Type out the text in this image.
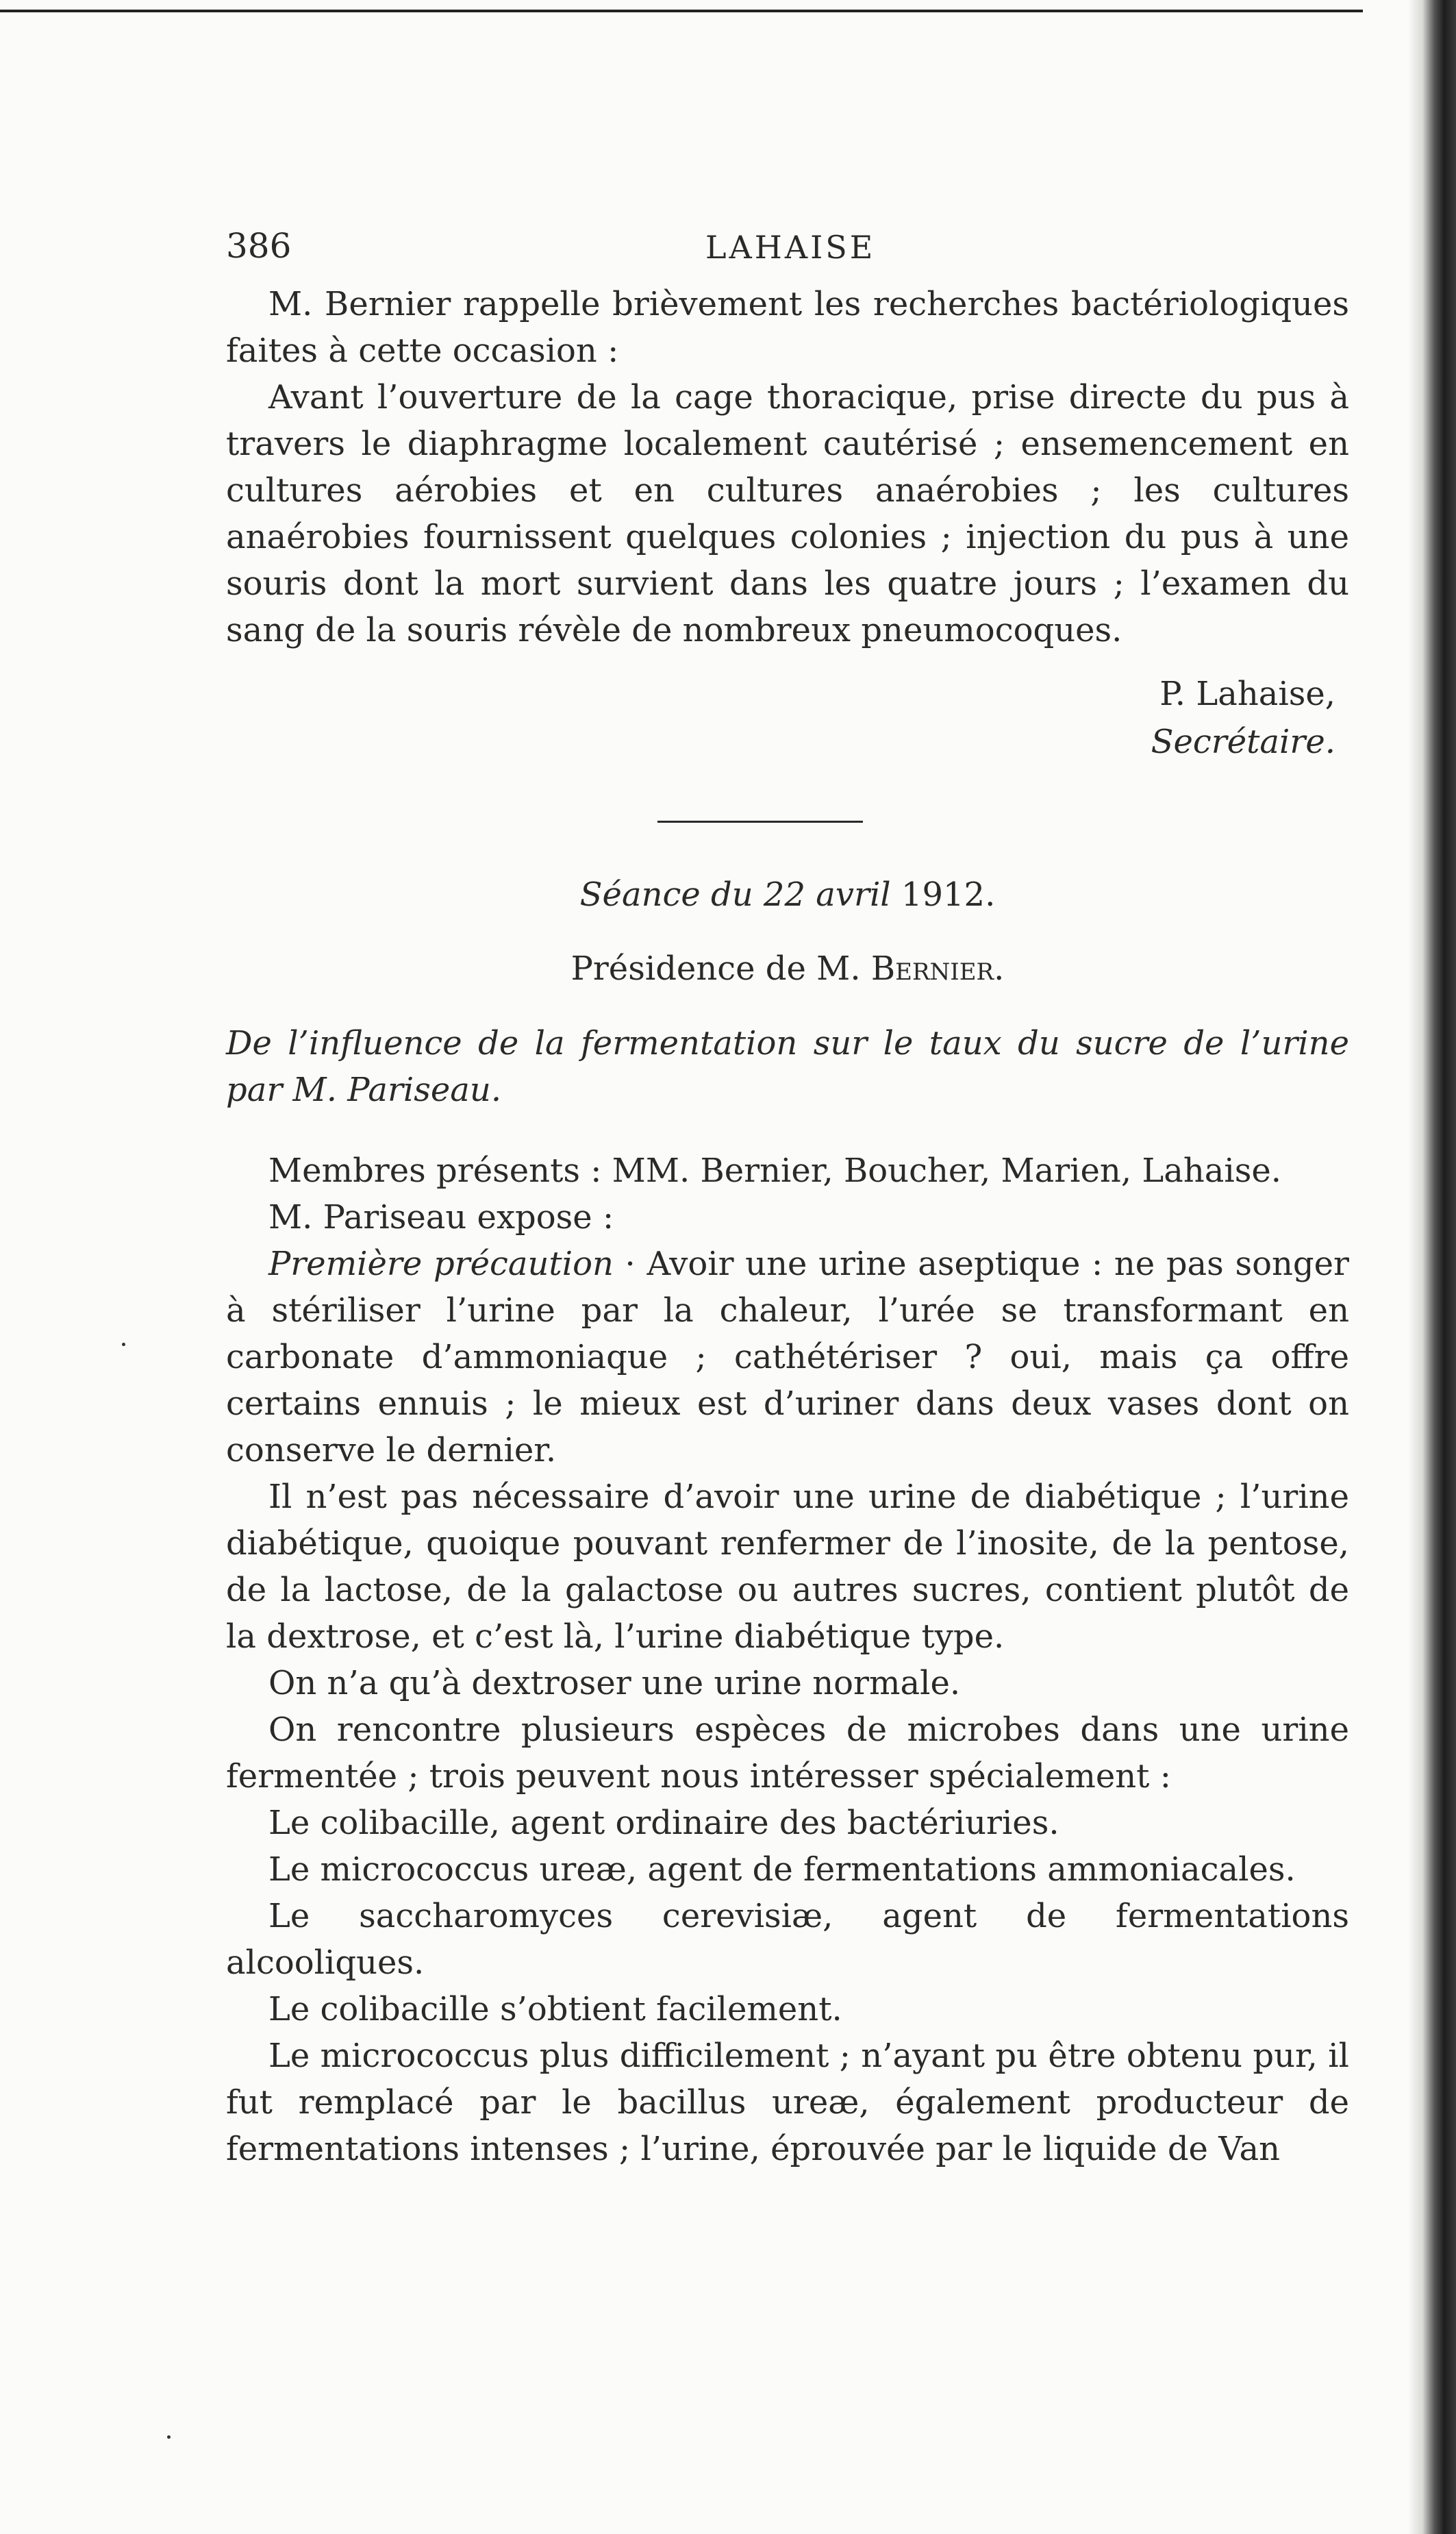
386	LAHAISE

M. Bernier rappelle brièvement les recherches bactériologiques faites à cette occasion :

Avant l’ouverture de la cage thoracique, prise directe du pus à travers le diaphragme localement cautérisé ; ensemencement en cultures aérobies et en cultures anaérobies ; les cultures anaérobies fournissent quelques colonies ; injection du pus à une souris dont la mort survient dans les quatre jours ; l’examen du sang de la souris révèle de nombreux pneumocoques.

P. Lahaise,
Secrétaire.
Séance du 22 avril 1912.
Présidence de M. Bernier.

De l’influence de la fermentation sur le taux du sucre de l’urine par M. Pariseau.

Membres présents : MM. Bernier, Boucher, Marien, Lahaise.

M. Pariseau expose :

Première précaution · Avoir une urine aseptique : ne pas songer à stériliser l’urine par la chaleur, l’urée se transformant en carbonate d’ammoniaque ; cathétériser ? oui, mais ça offre certains ennuis ; le mieux est d’uriner dans deux vases dont on conserve le dernier.

Il n’est pas nécessaire d’avoir une urine de diabétique ; l’urine diabétique, quoique pouvant renfermer de l’inosite, de la pentose, de la lactose, de la galactose ou autres sucres, contient plutôt de la dextrose, et c’est là, l’urine diabétique type.

On n’a qu’à dextroser une urine normale.

On rencontre plusieurs espèces de microbes dans une urine fermentée ; trois peuvent nous intéresser spécialement :

Le colibacille, agent ordinaire des bactériuries.

Le micrococcus ureæ, agent de fermentations ammoniacales.

Le saccharomyces cerevisiæ, agent de fermentations alcooliques.

Le colibacille s’obtient facilement.

Le micrococcus plus difficilement ; n’ayant pu être obtenu pur, il fut remplacé par le bacillus ureæ, également producteur de fermentations intenses ; l’urine, éprouvée par le liquide de Van
